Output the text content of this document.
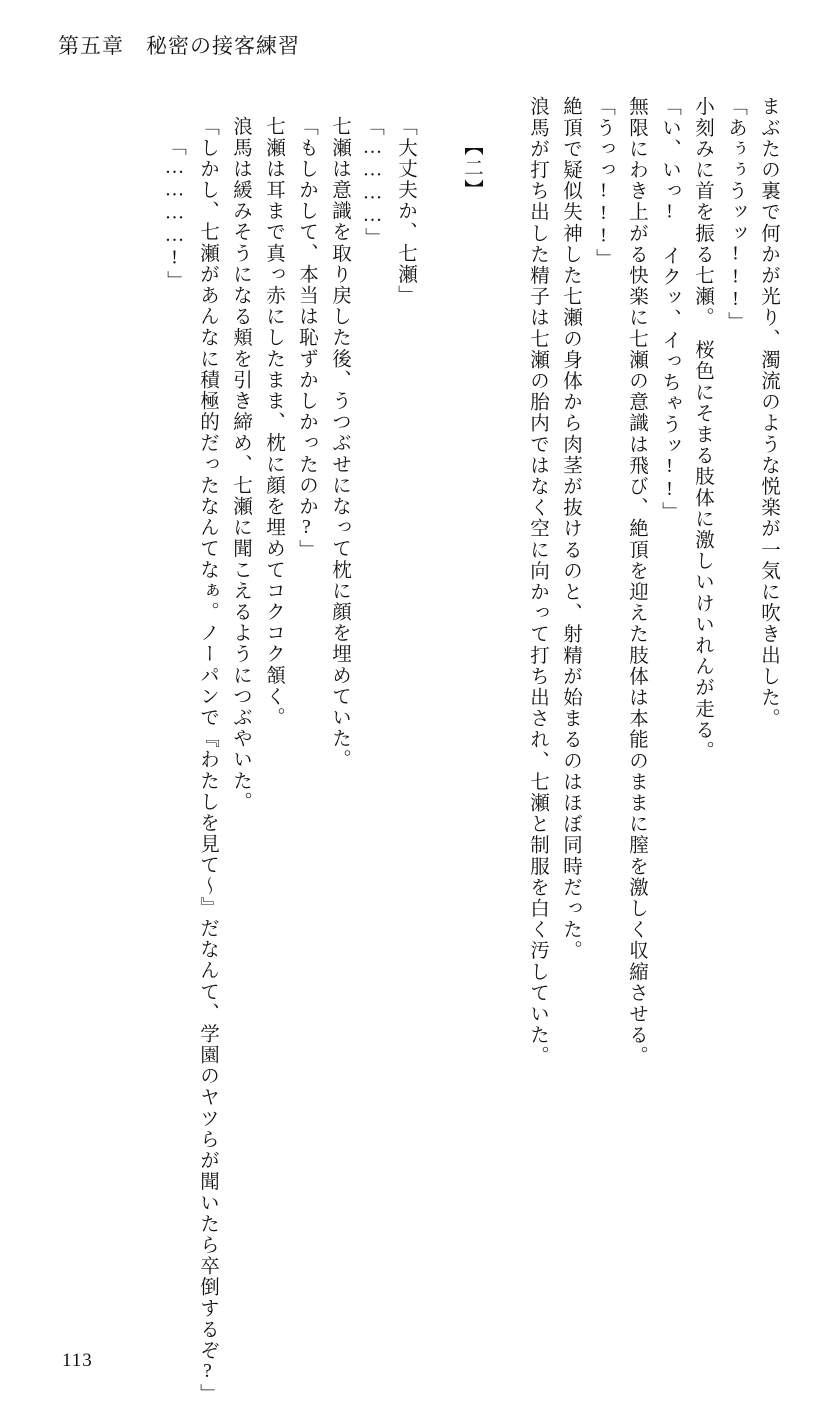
第五章　秘密の接客練習
まぶたの裏で何かが光り、濁流のような悦楽が一気に吹き出した。
「あぅぅうッッ!!!」
小刻みに首を振る七瀬。　桜色にそまる肢体に激しいけいれんが走る。
「い、いっ!　イクッ、イっちゃうッ!!」
無限にわき上がる快楽に七瀬の意識は飛び、絶頂を迎えた肢体は本能のままに膣を激しく収縮させる。
「うっっ!!!」
絶頂で疑似失神した七瀬の身体から肉茎が抜けるのと、射精が始まるのはほぼ同時だった。
浪馬が打ち出した精子は七瀬の胎内ではなく空に向かって打ち出され、七瀬と制服を白く汚していた。
【二】
「大丈夫か、七瀬」
「…………」
七瀬は意識を取り戻した後、うつぶせになって枕に顔を埋めていた。
「もしかして、本当は恥ずかしかったのか?」
七瀬は耳まで真っ赤にしたまま、枕に顔を埋めてコクコク頷く。
浪馬は緩みそうになる頬を引き締め、七瀬に聞こえるようにつぶやいた。
「しかし、七瀬があんなに積極的だったなんてなぁ。ノーパンで『わたしを見て〜』だなんて、学園のヤツらが聞いたら卒倒するぞ?」
「…………!」
113
